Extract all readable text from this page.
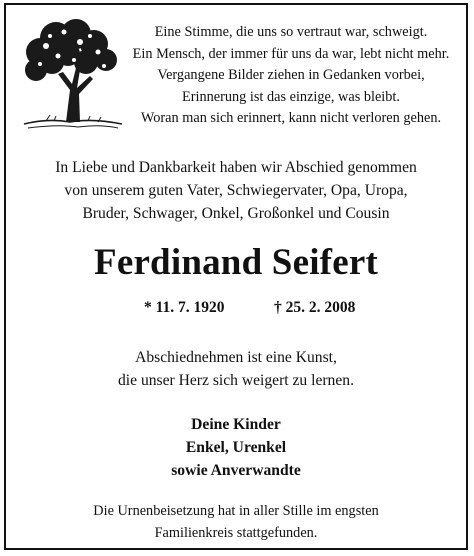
Eine Stimme, die uns so vertraut war, schweigt.
Ein Mensch, der immer für uns da war, lebt nicht mehr.
Vergangene Bilder ziehen in Gedanken vorbei,
Erinnerung ist das einzige, was bleibt.
Woran man sich erinnert, kann nicht verloren gehen.
In Liebe und Dankbarkeit haben wir Abschied genommen
von unserem guten Vater, Schwiegervater, Opa, Uropa,
Bruder, Schwager, Onkel, Großonkel und Cousin
Ferdinand Seifert
* 11. 7. 1920	† 25. 2. 2008
Abschiednehmen ist eine Kunst,
die unser Herz sich weigert zu lernen.
Deine Kinder
Enkel, Urenkel
sowie Anverwandte
Die Urnenbeisetzung hat in aller Stille im engsten
Familienkreis stattgefunden.
